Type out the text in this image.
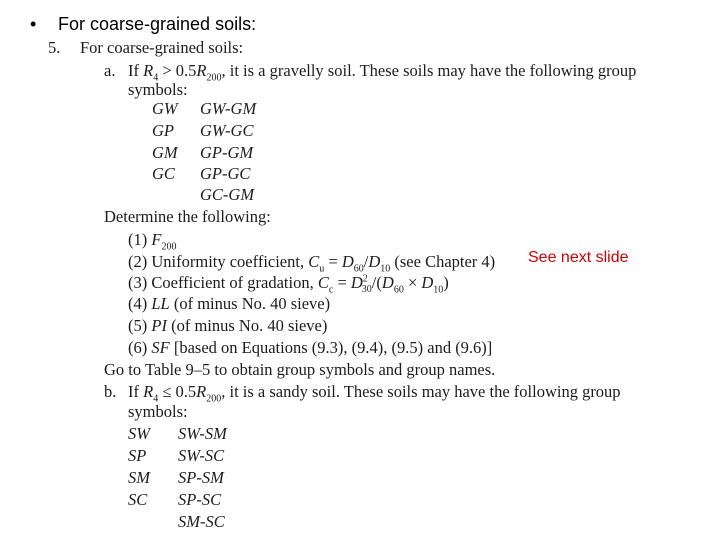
• For coarse-grained soils:
See next slide
5. For coarse-grained soils:
a. If $R_4 > 0.5R_{200}$, it is a gravelly soil. These soils may have the following group
symbols:
GW
GP
GM
GC
GW-GM
GW-GC
GP-GM
GP-GC
GC-GM
Determine the following:
(1) $F_{200}$
(2) Uniformity coefficient, $C_u = D_{60}/D_{10}$ (see Chapter 4)
(3) Coefficient of gradation, $C_c = D^2_{30}/(D_{60} \times D_{10})$
(4) LL (of minus No. 40 sieve)
(5) PI (of minus No. 40 sieve)
(6) SF [based on Equations (9.3), (9.4), (9.5) and (9.6)]
Go to Table 9–5 to obtain group symbols and group names.
b. If $R_4 \le 0.5R_{200}$, it is a sandy soil. These soils may have the following group
symbols:
SW
SP
SM
SC
SW-SM
SW-SC
SP-SM
SP-SC
SM-SC
